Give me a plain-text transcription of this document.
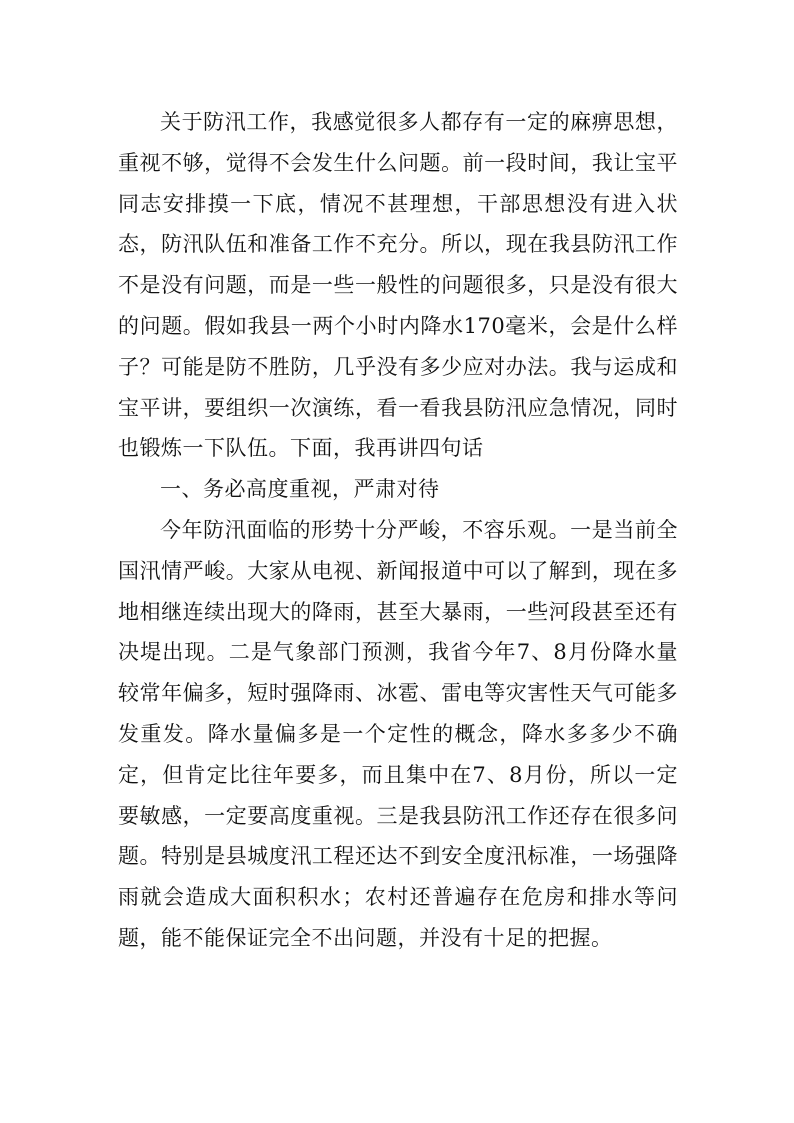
关于防汛工作，我感觉很多人都存有一定的麻痹思想，重视不够，觉得不会发生什么问题。前一段时间，我让宝平同志安排摸一下底，情况不甚理想，干部思想没有进入状态，防汛队伍和准备工作不充分。所以，现在我县防汛工作不是没有问题，而是一些一般性的问题很多，只是没有很大的问题。假如我县一两个小时内降水170毫米，会是什么样子？可能是防不胜防，几乎没有多少应对办法。我与运成和宝平讲，要组织一次演练，看一看我县防汛应急情况，同时也锻炼一下队伍。下面，我再讲四句话

一、务必高度重视，严肃对待

今年防汛面临的形势十分严峻，不容乐观。一是当前全国汛情严峻。大家从电视、新闻报道中可以了解到，现在多地相继连续出现大的降雨，甚至大暴雨，一些河段甚至还有决堤出现。二是气象部门预测，我省今年7、8月份降水量较常年偏多，短时强降雨、冰雹、雷电等灾害性天气可能多发重发。降水量偏多是一个定性的概念，降水多多少不确定，但肯定比往年要多，而且集中在7、8月份，所以一定要敏感，一定要高度重视。三是我县防汛工作还存在很多问题。特别是县城度汛工程还达不到安全度汛标准，一场强降雨就会造成大面积积水；农村还普遍存在危房和排水等问题，能不能保证完全不出问题，并没有十足的把握。
